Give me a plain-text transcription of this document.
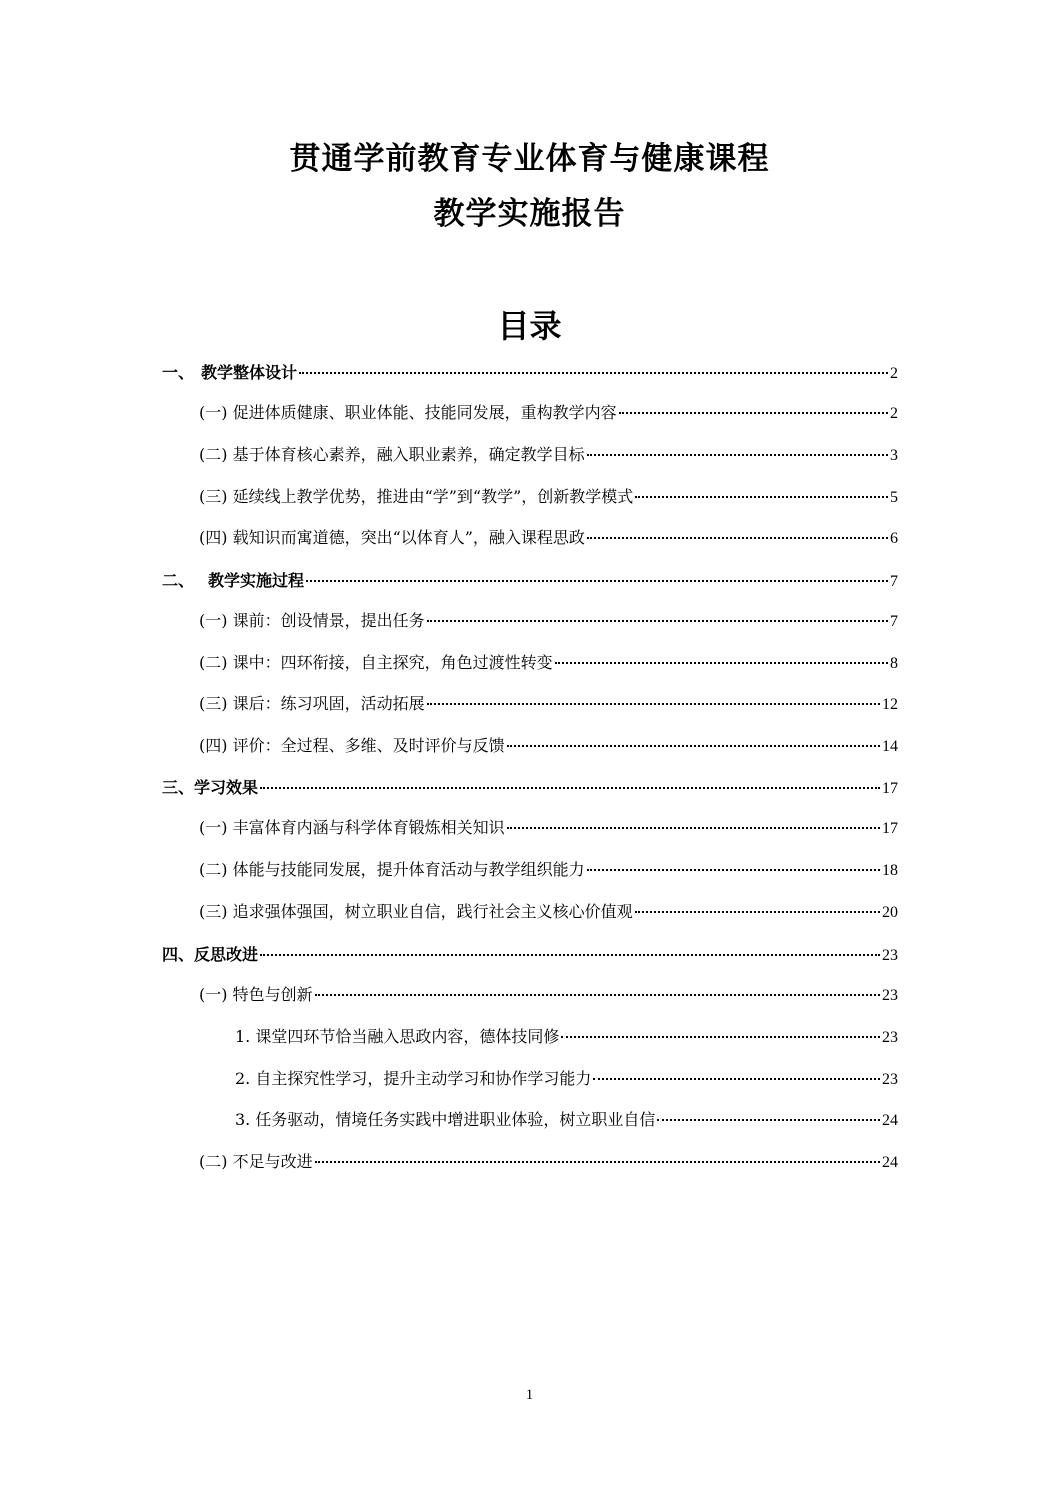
贯通学前教育专业体育与健康课程
教学实施报告
目录
一、 教学整体设计	2
(一) 促进体质健康、职业体能、技能同发展，重构教学内容	2
(二) 基于体育核心素养，融入职业素养，确定教学目标	3
(三) 延续线上教学优势，推进由“学”到“教学”，创新教学模式	5
(四) 载知识而寓道德，突出“以体育人”，融入课程思政	6
二、 教学实施过程	7
(一) 课前：创设情景，提出任务	7
(二) 课中：四环衔接，自主探究，角色过渡性转变	8
(三) 课后：练习巩固，活动拓展	12
(四) 评价：全过程、多维、及时评价与反馈	14
三、 学习效果	17
(一) 丰富体育内涵与科学体育锻炼相关知识	17
(二) 体能与技能同发展，提升体育活动与教学组织能力	18
(三) 追求强体强国，树立职业自信，践行社会主义核心价值观	20
四、 反思改进	23
(一) 特色与创新	23
1. 课堂四环节恰当融入思政内容，德体技同修	23
2. 自主探究性学习，提升主动学习和协作学习能力	23
3. 任务驱动，情境任务实践中增进职业体验，树立职业自信	24
(二) 不足与改进	24
1
